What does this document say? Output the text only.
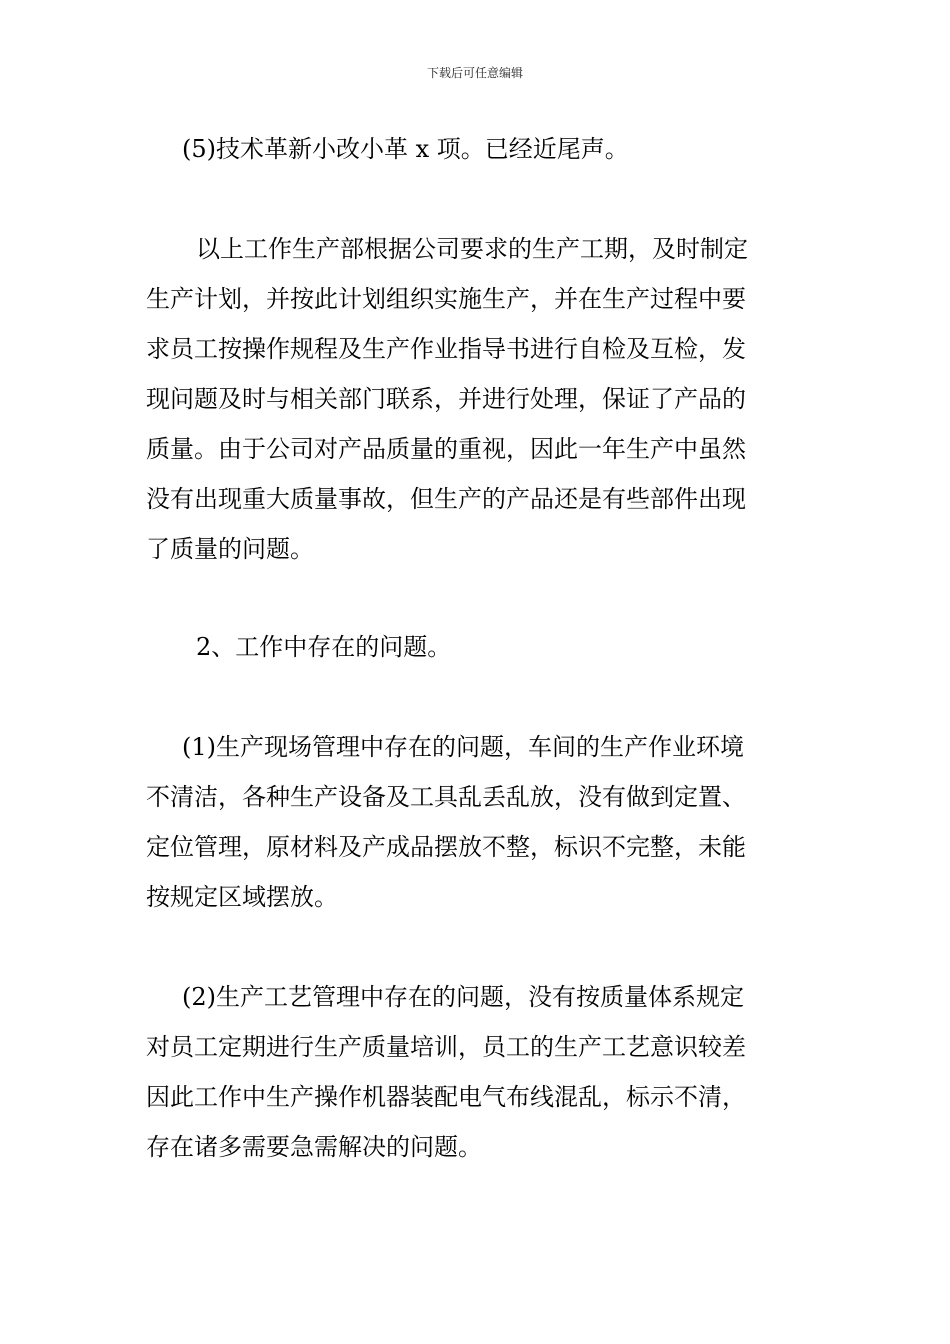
下载后可任意编辑
(5)技术革新小改小革 x 项。已经近尾声。
以上工作生产部根据公司要求的生产工期，及时制定
生产计划，并按此计划组织实施生产，并在生产过程中要
求员工按操作规程及生产作业指导书进行自检及互检，发
现问题及时与相关部门联系，并进行处理，保证了产品的
质量。由于公司对产品质量的重视，因此一年生产中虽然
没有出现重大质量事故，但生产的产品还是有些部件出现
了质量的问题。
2、工作中存在的问题。
(1)生产现场管理中存在的问题，车间的生产作业环境
不清洁，各种生产设备及工具乱丢乱放，没有做到定置、
定位管理，原材料及产成品摆放不整，标识不完整，未能
按规定区域摆放。
(2)生产工艺管理中存在的问题，没有按质量体系规定
对员工定期进行生产质量培训，员工的生产工艺意识较差
因此工作中生产操作机器装配电气布线混乱，标示不清，
存在诸多需要急需解决的问题。
